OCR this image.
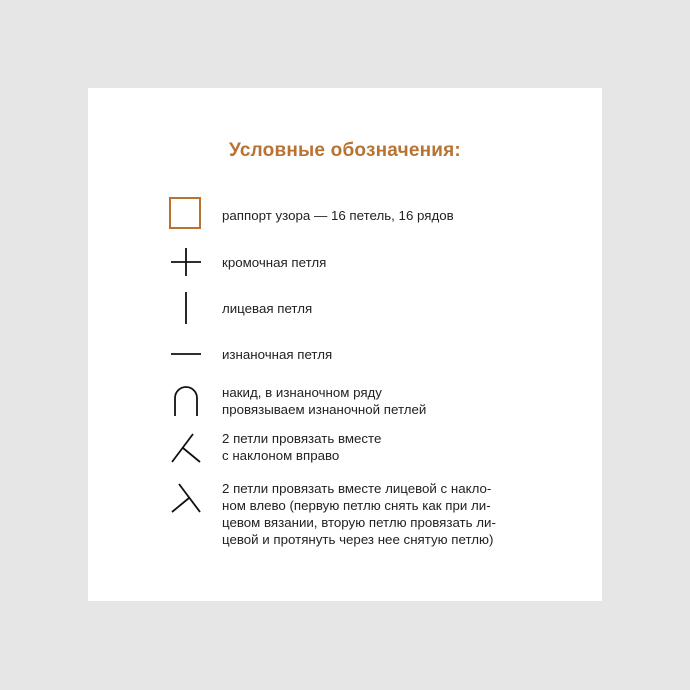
Условные обозначения:
раппорт узора — 16 петель, 16 рядов
кромочная петля
лицевая петля
изнаночная петля
накид, в изнаночном ряду
провязываем изнаночной петлей
2 петли провязать вместе
с наклоном вправо
2 петли провязать вместе лицевой с накло-
ном влево (первую петлю снять как при ли-
цевом вязании, вторую петлю провязать ли-
цевой и протянуть через нее снятую петлю)
